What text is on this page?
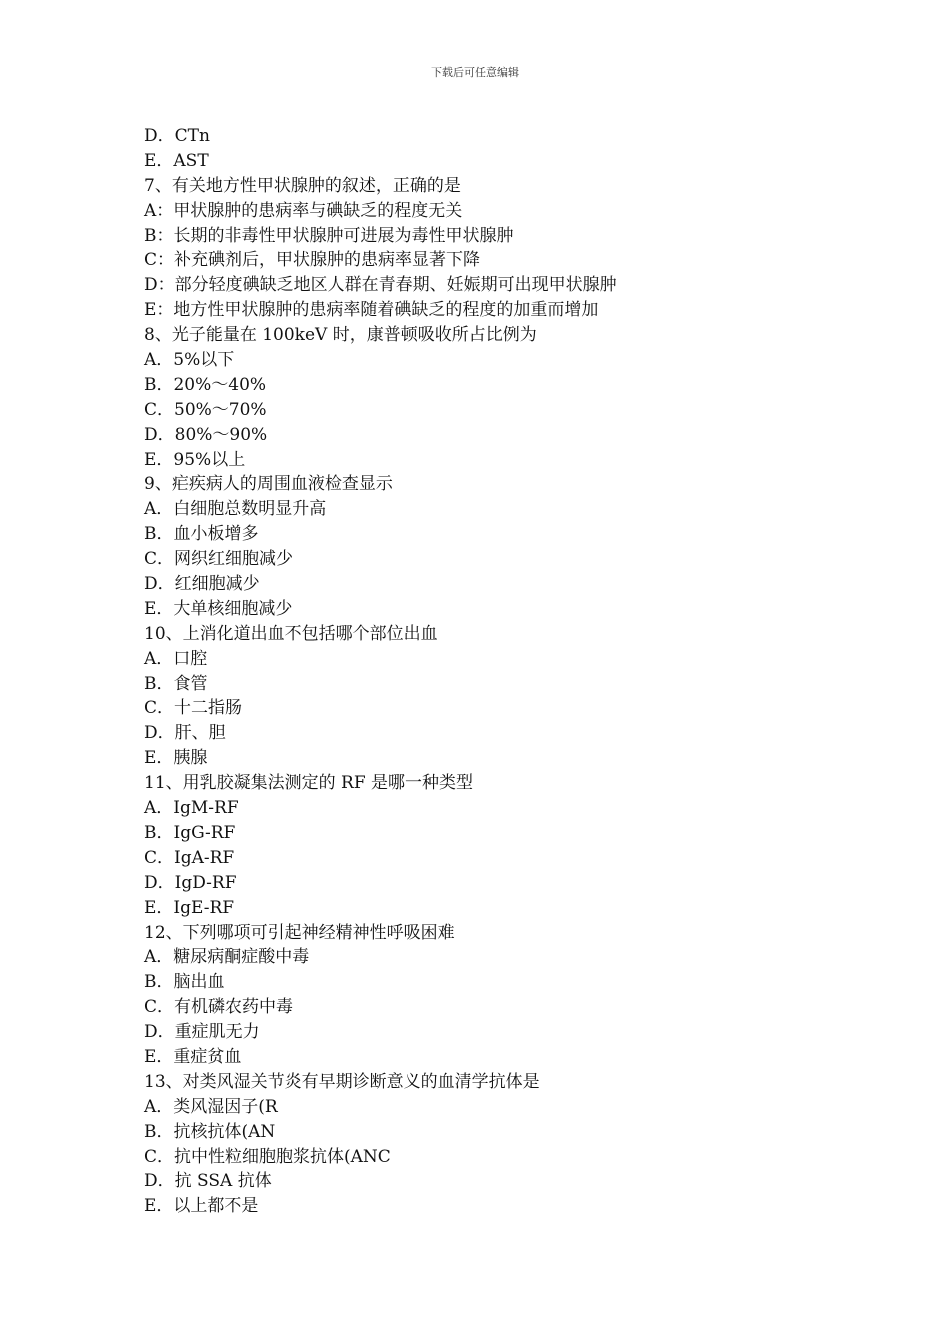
下载后可任意编辑
D．CTn
E．AST
7、有关地方性甲状腺肿的叙述，正确的是
A：甲状腺肿的患病率与碘缺乏的程度无关
B：长期的非毒性甲状腺肿可进展为毒性甲状腺肿
C：补充碘剂后，甲状腺肿的患病率显著下降
D：部分轻度碘缺乏地区人群在青春期、妊娠期可出现甲状腺肿
E：地方性甲状腺肿的患病率随着碘缺乏的程度的加重而增加
8、光子能量在 100keV 时，康普顿吸收所占比例为
A．5%以下
B．20%～40%
C．50%～70%
D．80%～90%
E．95%以上
9、疟疾病人的周围血液检查显示
A．白细胞总数明显升高
B．血小板增多
C．网织红细胞减少
D．红细胞减少
E．大单核细胞减少
10、上消化道出血不包括哪个部位出血
A．口腔
B．食管
C．十二指肠
D．肝、胆
E．胰腺
11、用乳胶凝集法测定的 RF 是哪一种类型
A．IgM-RF
B．IgG-RF
C．IgA-RF
D．IgD-RF
E．IgE-RF
12、下列哪项可引起神经精神性呼吸困难
A．糖尿病酮症酸中毒
B．脑出血
C．有机磷农药中毒
D．重症肌无力
E．重症贫血
13、对类风湿关节炎有早期诊断意义的血清学抗体是
A．类风湿因子(R
B．抗核抗体(AN
C．抗中性粒细胞胞浆抗体(ANC
D．抗 SSA 抗体
E．以上都不是
